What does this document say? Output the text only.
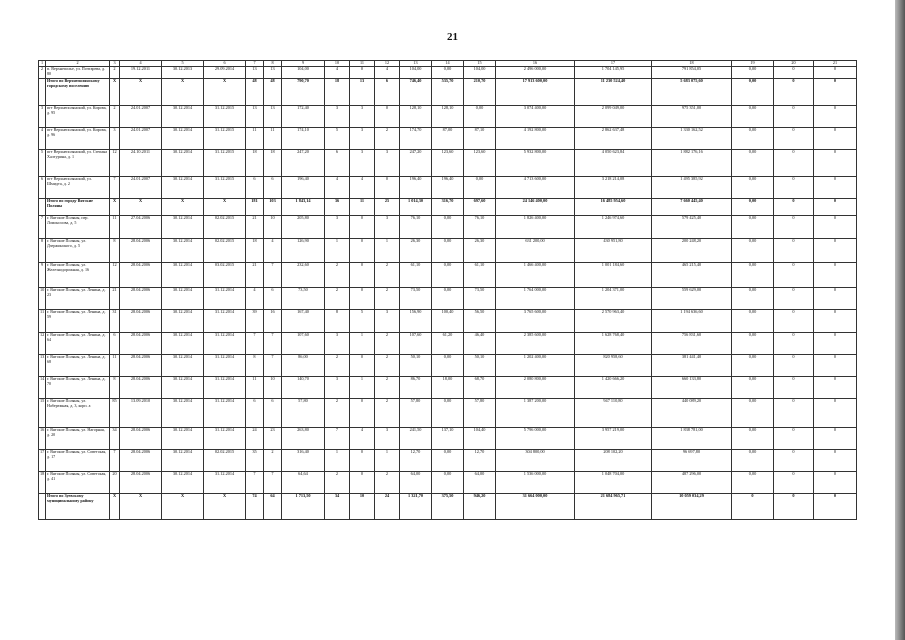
21
1	2	3	4	5	6	7	8	9	10	11	12	13	14	15	16	17	18	19	20	21
2	п. Верхнеполье, ул. Почтарева, д. 80	2	19.12.2011	30.12.2013	29.09.2014	13	13	104,00	4	0	4	104,00	0,00	104,00	2 496 000,00	1 704 145,95	791 854,05	0,00	0	0
	Итого по Верхнеполянскому городскому поселению	X	X	X	X	48	48	790,70	18	13	6	746,40	535,70	210,70	17 913 600,00	11 230 524,40	5 683 075,60	0,00	0	0
3	пгт Верхнеполянский, ул. Кирова, д. 95	2	24.01.2007	30.12.2014	31.12.2015	13	13	172,40	3	3	0	128,10	128,10	0,00	3 074 400,00	2 099 049,00	975 351,00	0,00	0	0
4	пгт Верхнеполянский, ул. Кирова, д. 96	3	24.01.2007	30.12.2014	31.12.2015	11	11	174,10	5	3	2	174,70	87,00	87,10	4 192 800,00	2 862 637,48	1 330 162,52	0,00	0	0
5	пгт Верхнеполянский, ул. Степана Халтурина, д. 1	12	24.10.2011	30.12.2014	31.12.2015	18	18	247,20	6	3	3	247,20	123,60	123,60	5 932 800,00	4 050 623,84	1 882 176,16	0,00	0	0
6	пгт Верхнеполянский, ул. Шмидта, д. 2	7	24.01.2007	30.12.2014	31.12.2015	6	6	196,40	4	4	0	196,40	196,40	0,00	4 713 600,00	3 218 214,08	1 495 385,92	0,00	0	0
	Итого по городу Вятские Поляны	X	X	X	X	181	103	1 843,14	36	11	25	1 014,30	316,70	697,60	24 146 400,00	16 485 954,60	7 660 445,40	0,00	0	0
7	г. Вятские Поляны, пер. Ломоносова, д. 5	11	27.04.2006	30.12.2014	02.02.2015	21	10	205,80	3	0	3	76,10	0,00	76,10	1 826 400,00	1 246 974,60	579 425,40	0,00	0	0
8	г. Вятские Поляны, ул. Дзержинского, д. 5	8	28.04.2006	30.12.2014	02.02.2015	18	4	126,90	1	0	1	26,30	0,00	26,30	631 200,00	430 951,80	200 248,20	0,00	0	0
9	г. Вятские Поляны, ул. Железнодорожная, д. 16	12	28.04.2006	30.12.2014	03.02.2015	21	7	232,60	2	0	2	61,10	0,00	61,10	1 466 400,00	1 001 184,60	465 215,40	0,00	0	0
10	г. Вятские Поляны, ул. Ленина, д. 23	21	28.04.2006	30.12.2014	31.12.2014	4	6	73,50	2	0	2	73,50	0,00	73,50	1 764 000,00	1 204 371,00	559 629,00	0,00	0	0
11	г. Вятские Поляны, ул. Ленина, д. 59	31	28.04.2006	30.12.2014	31.12.2014	39	16	167,40	8	5	3	156,90	100,40	56,50	3 765 600,00	2 570 963,40	1 194 636,60	0,00	0	0
12	г. Вятские Поляны, ул. Ленина, д. 64	6	28.04.2006	30.12.2014	31.12.2014	7	7	107,60	3	1	2	107,60	61,20	46,40	2 385 600,00	1 628 768,40	756 831,60	0,00	0	0
13	г. Вятские Поляны, ул. Ленина, д. 68	11	28.04.2006	30.12.2014	31.12.2014	8	7	86,00	2	0	2	50,10	0,00	50,10	1 202 400,00	820 958,60	381 441,40	0,00	0	0
14	г. Вятские Поляны, ул. Ленина, д. 70	8	28.04.2006	30.12.2014	31.12.2014	11	10	140,70	3	1	2	86,70	18,00	68,70	2 080 800,00	1 420 666,20	660 133,80	0,00	0	0
15	г. Вятские Поляны, ул. Набережная, д. 3, корп. а	85	13.09.2010	30.12.2014	31.12.2014	6	6	57,80	2	0	2	57,80	0,00	57,80	1 387 200,00	947 110,80	440 089,20	0,00	0	0
16	г. Вятские Поляны, ул. Нагорная, д. 20	34	28.04.2006	30.12.2014	31.12.2014	24	23	263,80	7	4	3	241,50	137,10	104,40	5 796 000,00	3 957 219,00	1 838 781,00	0,00	0	0
17	г. Вятские Поляны, ул. Советская, д. 17	7	28.04.2006	30.12.2014	02.02.2015	35	2	316,40	1	0	1	12,70	0,00	12,70	304 800,00	208 102,20	96 697,80	0,00	0	0
18	г. Вятские Поляны, ул. Советская, д. 41	20	28.04.2006	30.12.2014	31.12.2014	7	7	64,64	2	0	2	64,00	0,00	64,00	1 536 000,00	1 048 704,00	487 296,00	0,00	0	0
	Итого по Зуевскому муниципальному району	X	X	X	X	74	64	1 713,50	34	10	24	1 321,70	375,50	946,20	31 664 000,00	21 684 965,71	10 059 034,29	0	0	0
